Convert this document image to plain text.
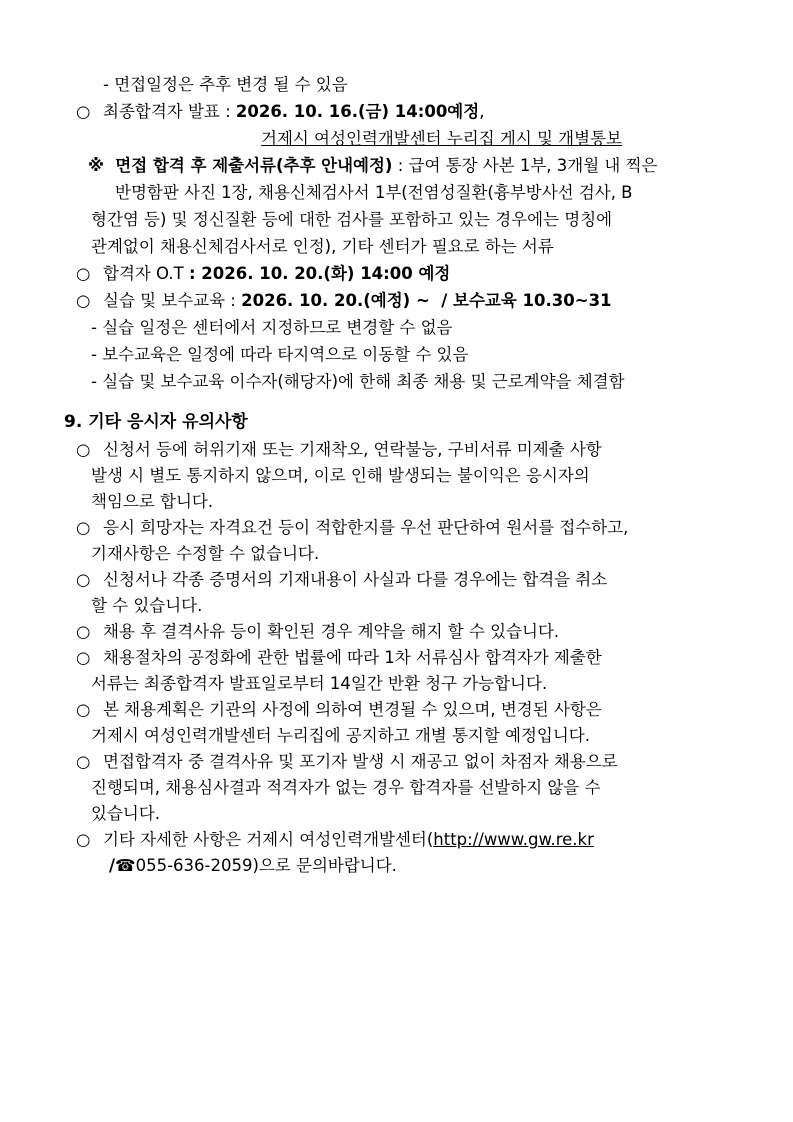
- 면접일정은 추후 변경 될 수 있음
○ 최종합격자 발표 : 2026. 10. 16.(금) 14:00예정,
거제시 여성인력개발센터 누리집 게시 및 개별통보
※ 면접 합격 후 제출서류(추후 안내예정) : 급여 통장 사본 1부, 3개월 내 찍은
반명함판 사진 1장, 채용신체검사서 1부(전염성질환(흉부방사선 검사, B
형간염 등) 및 정신질환 등에 대한 검사를 포함하고 있는 경우에는 명칭에
관계없이 채용신체검사서로 인정), 기타 센터가 필요로 하는 서류
○ 합격자 O.T : 2026. 10. 20.(화) 14:00 예정
○ 실습 및 보수교육 : 2026. 10. 20.(예정) ~  / 보수교육 10.30~31
- 실습 일정은 센터에서 지정하므로 변경할 수 없음
- 보수교육은 일정에 따라 타지역으로 이동할 수 있음
- 실습 및 보수교육 이수자(해당자)에 한해 최종 채용 및 근로계약을 체결함
9. 기타 응시자 유의사항
○ 신청서 등에 허위기재 또는 기재착오, 연락불능, 구비서류 미제출 사항
발생 시 별도 통지하지 않으며, 이로 인해 발생되는 불이익은 응시자의
책임으로 합니다.
○ 응시 희망자는 자격요건 등이 적합한지를 우선 판단하여 원서를 접수하고,
기재사항은 수정할 수 없습니다.
○ 신청서나 각종 증명서의 기재내용이 사실과 다를 경우에는 합격을 취소
할 수 있습니다.
○ 채용 후 결격사유 등이 확인된 경우 계약을 해지 할 수 있습니다.
○ 채용절차의 공정화에 관한 법률에 따라 1차 서류심사 합격자가 제출한
서류는 최종합격자 발표일로부터 14일간 반환 청구 가능합니다.
○ 본 채용계획은 기관의 사정에 의하여 변경될 수 있으며, 변경된 사항은
거제시 여성인력개발센터 누리집에 공지하고 개별 통지할 예정입니다.
○ 면접합격자 중 결격사유 및 포기자 발생 시 재공고 없이 차점자 채용으로
진행되며, 채용심사결과 적격자가 없는 경우 합격자를 선발하지 않을 수
있습니다.
○ 기타 자세한 사항은 거제시 여성인력개발센터(http://www.gw.re.kr
/☎055-636-2059)으로 문의바랍니다.
